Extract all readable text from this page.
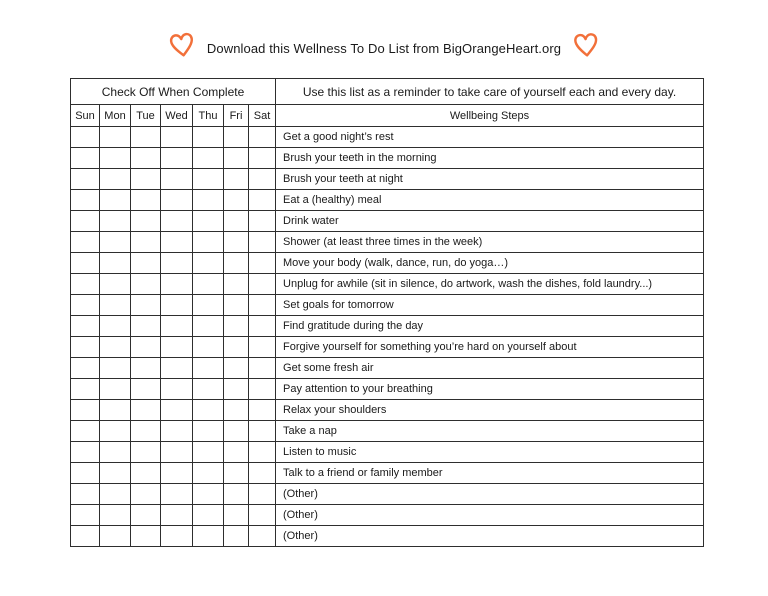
Download this Wellness To Do List from BigOrangeHeart.org
Check Off When Complete							Use this list as a reminder to take care of yourself each and every day.
Sun	Mon	Tue	Wed	Thu	Fri	Sat	Wellbeing Steps
							Get a good night’s rest
							Brush your teeth in the morning
							Brush your teeth at night
							Eat a (healthy) meal
							Drink water
							Shower (at least three times in the week)
							Move your body (walk, dance, run, do yoga…)
							Unplug for awhile (sit in silence, do artwork, wash the dishes, fold laundry...)
							Set goals for tomorrow
							Find gratitude during the day
							Forgive yourself for something you’re hard on yourself about
							Get some fresh air
							Pay attention to your breathing
							Relax your shoulders
							Take a nap
							Listen to music
							Talk to a friend or family member
							(Other)
							(Other)
							(Other)
